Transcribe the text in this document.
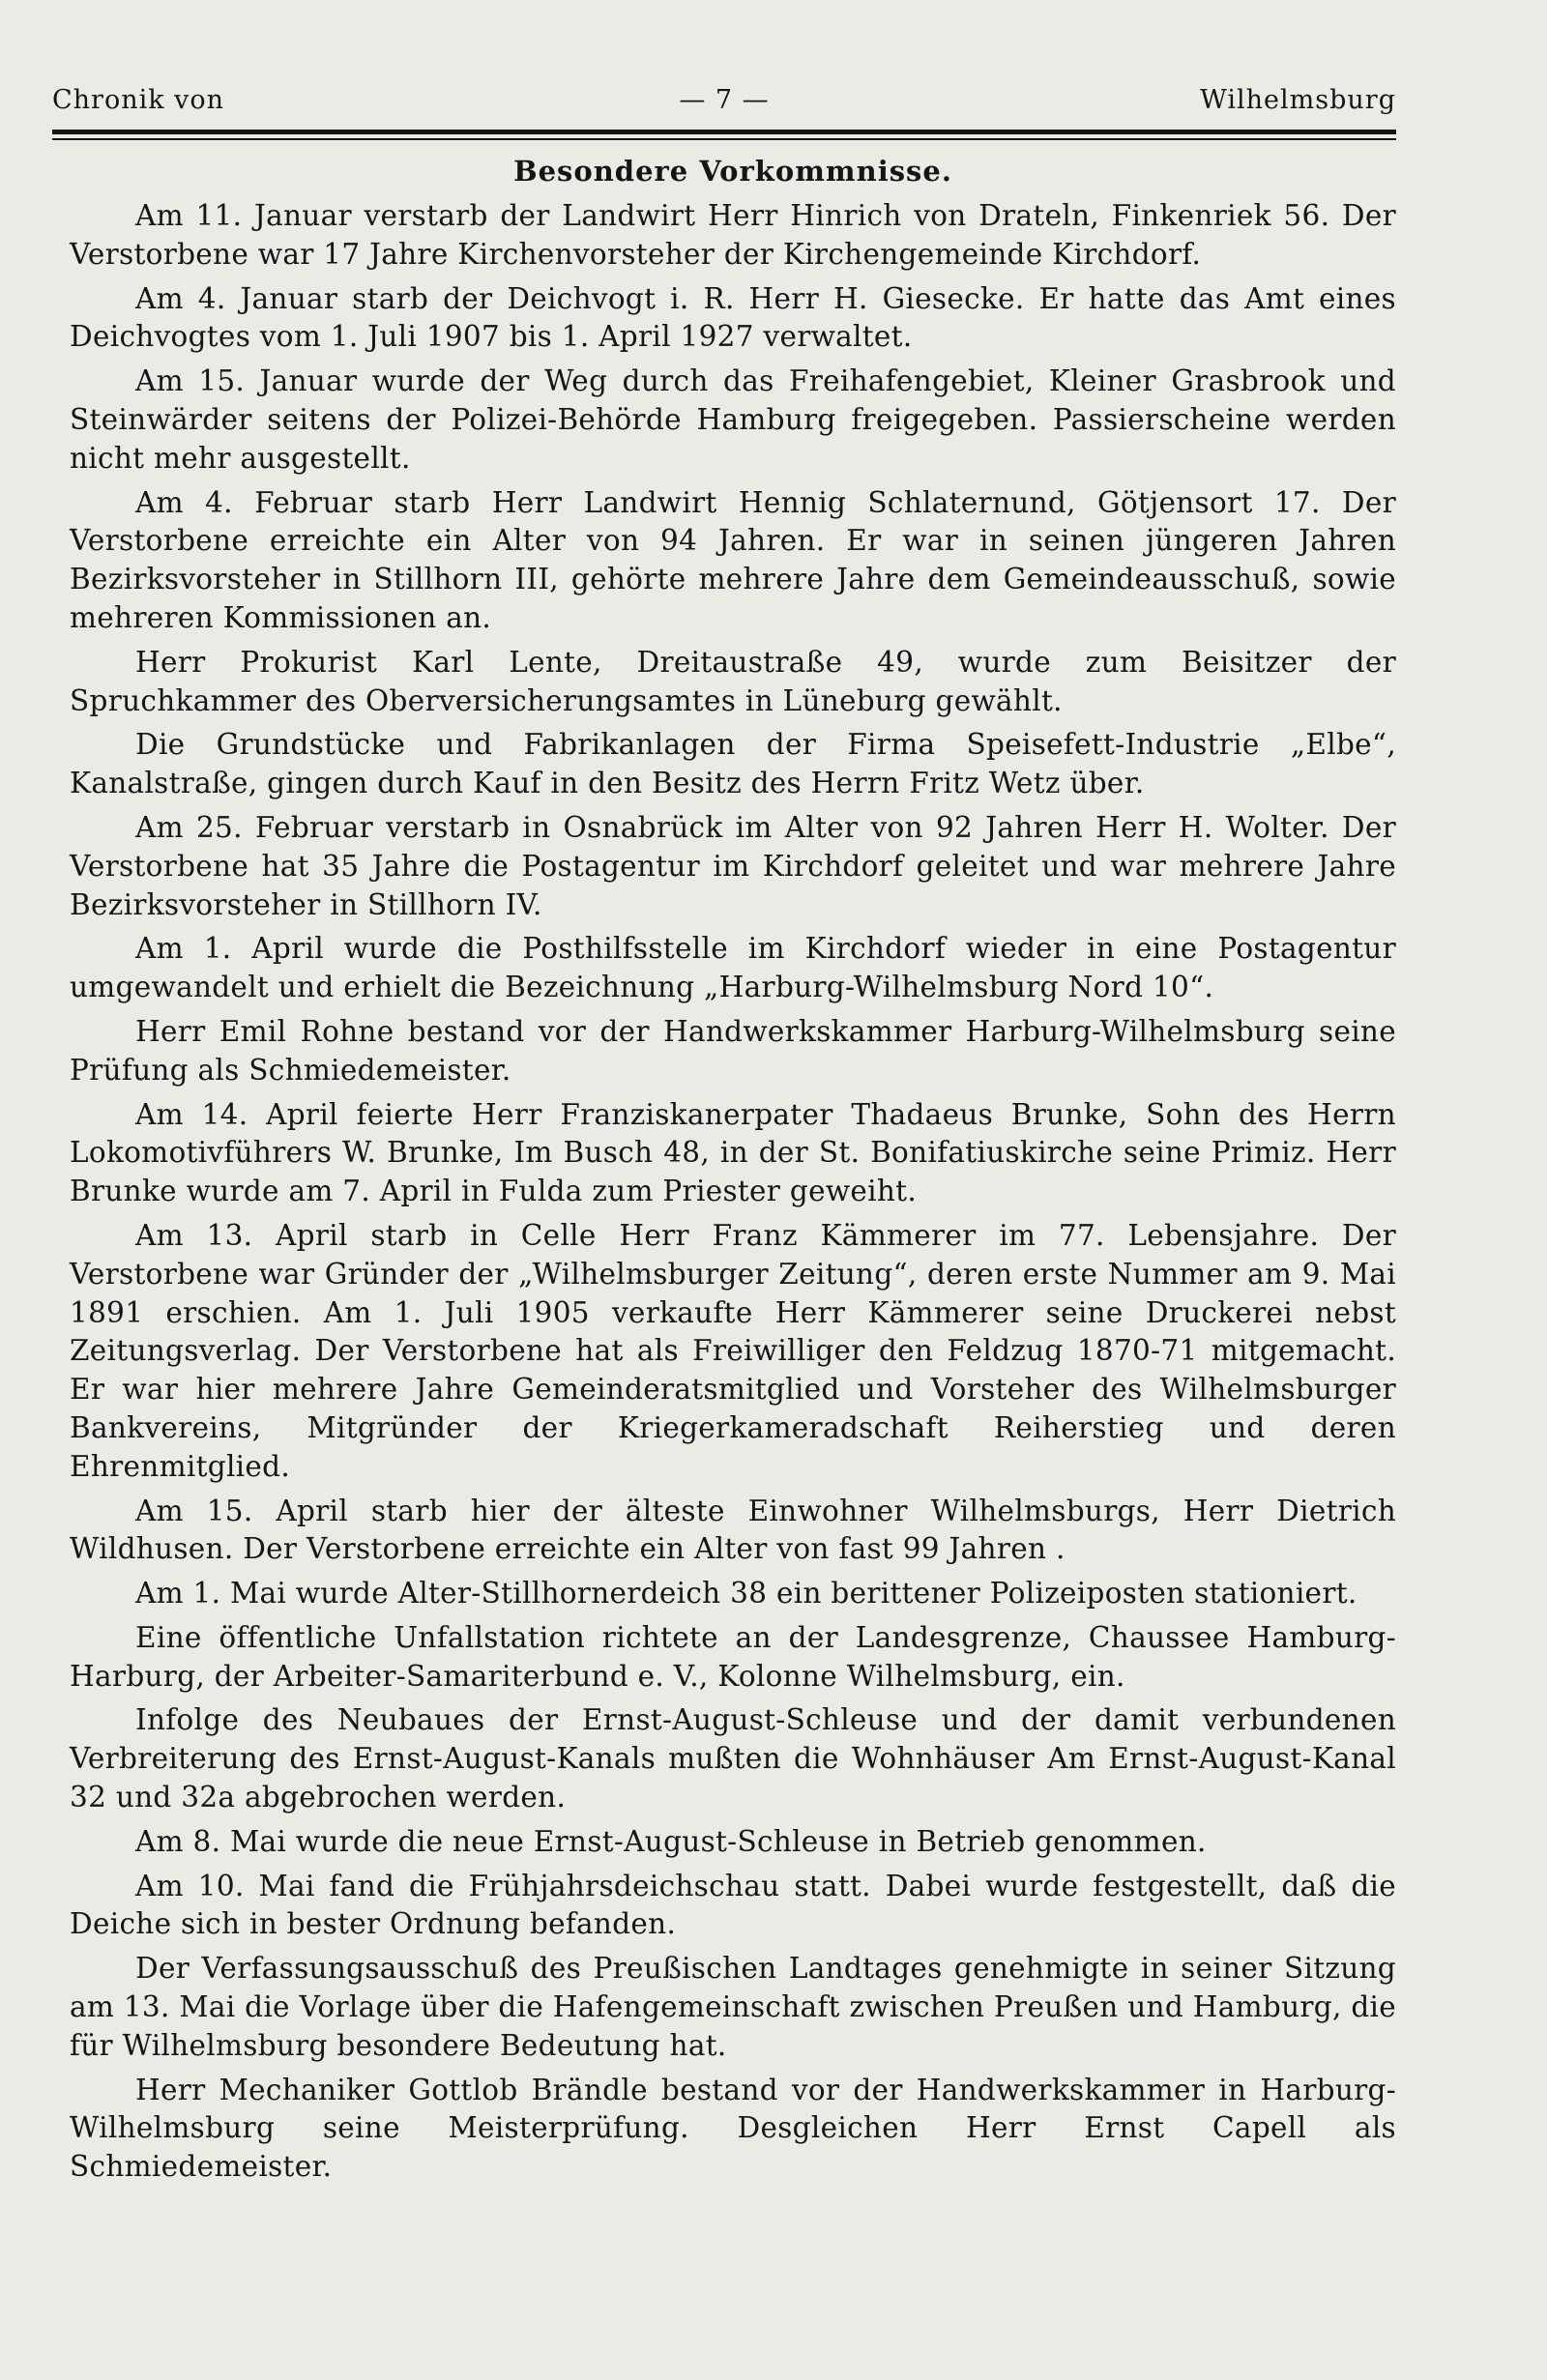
Chronik von	— 7 —	Wilhelmsburg
Besondere Vorkommnisse.

Am 11. Januar verstarb der Landwirt Herr Hinrich von Drateln, Finkenriek 56. Der Verstorbene war 17 Jahre Kirchenvorsteher der Kirchengemeinde Kirchdorf.

Am 4. Januar starb der Deichvogt i. R. Herr H. Giesecke. Er hatte das Amt eines Deichvogtes vom 1. Juli 1907 bis 1. April 1927 verwaltet.

Am 15. Januar wurde der Weg durch das Freihafengebiet, Kleiner Grasbrook und Steinwärder seitens der Polizei-Behörde Hamburg freigegeben. Passierscheine werden nicht mehr ausgestellt.

Am 4. Februar starb Herr Landwirt Hennig Schlaternund, Götjensort 17. Der Verstorbene erreichte ein Alter von 94 Jahren. Er war in seinen jüngeren Jahren Bezirksvorsteher in Stillhorn III, gehörte mehrere Jahre dem Gemeindeausschuß, sowie mehreren Kommissionen an.

Herr Prokurist Karl Lente, Dreitaustraße 49, wurde zum Beisitzer der Spruchkammer des Oberversicherungsamtes in Lüneburg gewählt.

Die Grundstücke und Fabrikanlagen der Firma Speisefett-Industrie „Elbe“, Kanalstraße, gingen durch Kauf in den Besitz des Herrn Fritz Wetz über.

Am 25. Februar verstarb in Osnabrück im Alter von 92 Jahren Herr H. Wolter. Der Verstorbene hat 35 Jahre die Postagentur im Kirchdorf geleitet und war mehrere Jahre Bezirksvorsteher in Stillhorn IV.

Am 1. April wurde die Posthilfsstelle im Kirchdorf wieder in eine Postagentur umgewandelt und erhielt die Bezeichnung „Harburg-Wilhelmsburg Nord 10“.

Herr Emil Rohne bestand vor der Handwerkskammer Harburg-Wilhelmsburg seine Prüfung als Schmiedemeister.

Am 14. April feierte Herr Franziskanerpater Thadaeus Brunke, Sohn des Herrn Lokomotivführers W. Brunke, Im Busch 48, in der St. Bonifatiuskirche seine Primiz. Herr Brunke wurde am 7. April in Fulda zum Priester geweiht.

Am 13. April starb in Celle Herr Franz Kämmerer im 77. Lebensjahre. Der Verstorbene war Gründer der „Wilhelmsburger Zeitung“, deren erste Nummer am 9. Mai 1891 erschien. Am 1. Juli 1905 verkaufte Herr Kämmerer seine Druckerei nebst Zeitungsverlag. Der Verstorbene hat als Freiwilliger den Feldzug 1870-71 mitgemacht. Er war hier mehrere Jahre Gemeinderatsmitglied und Vorsteher des Wilhelmsburger Bankvereins, Mitgründer der Kriegerkameradschaft Reiherstieg und deren Ehrenmitglied.

Am 15. April starb hier der älteste Einwohner Wilhelmsburgs, Herr Dietrich Wildhusen. Der Verstorbene erreichte ein Alter von fast 99 Jahren .

Am 1. Mai wurde Alter-Stillhornerdeich 38 ein berittener Polizeiposten stationiert.

Eine öffentliche Unfallstation richtete an der Landesgrenze, Chaussee Hamburg-Harburg, der Arbeiter-Samariterbund e. V., Kolonne Wilhelmsburg, ein.

Infolge des Neubaues der Ernst-August-Schleuse und der damit verbundenen Verbreiterung des Ernst-August-Kanals mußten die Wohnhäuser Am Ernst-August-Kanal 32 und 32a abgebrochen werden.

Am 8. Mai wurde die neue Ernst-August-Schleuse in Betrieb genommen.

Am 10. Mai fand die Frühjahrsdeichschau statt. Dabei wurde festgestellt, daß die Deiche sich in bester Ordnung befanden.

Der Verfassungsausschuß des Preußischen Landtages genehmigte in seiner Sitzung am 13. Mai die Vorlage über die Hafengemeinschaft zwischen Preußen und Hamburg, die für Wilhelmsburg besondere Bedeutung hat.

Herr Mechaniker Gottlob Brändle bestand vor der Handwerkskammer in Harburg-Wilhelmsburg seine Meisterprüfung. Desgleichen Herr Ernst Capell als Schmiedemeister.
